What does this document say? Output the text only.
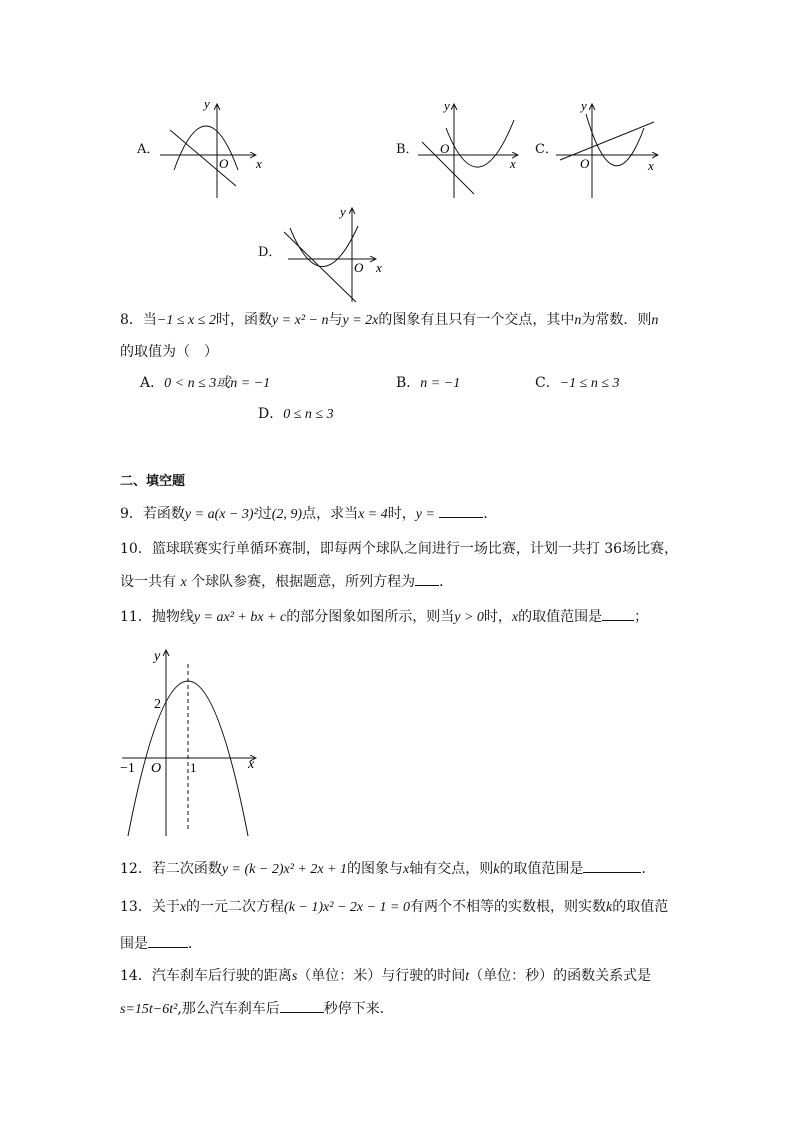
A．
y
x
O
B．
y
x
O	C．
y
x
O
D．
y
x
O
8．当−1 ≤ x ≤ 2时，函数y = x² − n与y = 2x的图象有且只有一个交点，其中n为常数．则n
的取值为（　）
A．0 < n ≤ 3或n = −1	B．n = −1	C．−1 ≤ n ≤ 3
D．0 ≤ n ≤ 3
二、填空题
9．若函数y = a(x − 3)²过(2, 9)点，求当x = 4时，y =	．
10．篮球联赛实行单循环赛制，即每两个球队之间进行一场比赛，计划一共打 36场比赛，
设一共有 x 个球队参赛，根据题意，所列方程为 ．
11．抛物线y = ax² + bx + c的部分图象如图所示，则当y > 0时，x的取值范围是 ；
y
x
O
2
−1	1
12．若二次函数y = (k − 2)x² + 2x + 1的图象与x轴有交点，则k的取值范围是	．
13．关于x的一元二次方程(k − 1)x² − 2x − 1 = 0有两个不相等的实数根，则实数k的取值范
围是	．
14．汽车刹车后行驶的距离s（单位：米）与行驶的时间t（单位：秒）的函数关系式是
s=15t−6t²,那么汽车刹车后	秒停下来．
